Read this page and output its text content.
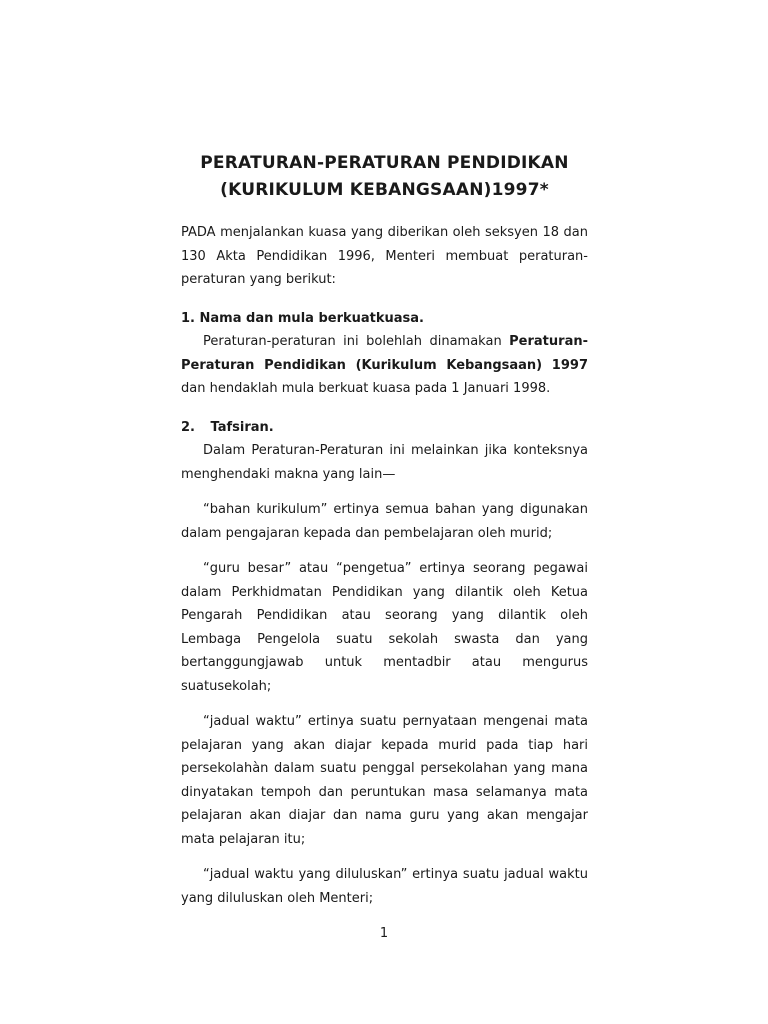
PERATURAN-PERATURAN PENDIDIKAN
(KURIKULUM KEBANGSAAN)1997*

PADA menjalankan kuasa yang diberikan oleh seksyen 18 dan 130 Akta Pendidikan 1996, Menteri membuat peraturan-peraturan yang berikut:

1. Nama dan mula berkuatkuasa.

Peraturan-peraturan ini bolehlah dinamakan Peraturan-Peraturan Pendidikan (Kurikulum Kebangsaan) 1997 dan hendaklah mula berkuat kuasa pada 1 Januari 1998.

2. Tafsiran.

Dalam Peraturan-Peraturan ini melainkan jika konteksnya menghendaki makna yang lain—

“bahan kurikulum” ertinya semua bahan yang digunakan dalam pengajaran kepada dan pembelajaran oleh murid;

“guru besar” atau “pengetua” ertinya seorang pegawai dalam Perkhidmatan Pendidikan yang dilantik oleh Ketua Pengarah Pendidikan atau seorang yang dilantik oleh Lembaga Pengelola suatu sekolah swasta dan yang bertanggungjawab untuk mentadbir atau mengurus suatusekolah;

“jadual waktu” ertinya suatu pernyataan mengenai mata pelajaran yang akan diajar kepada murid pada tiap hari persekolahàn dalam suatu penggal persekolahan yang mana dinyatakan tempoh dan peruntukan masa selamanya mata pelajaran akan diajar dan nama guru yang akan mengajar mata pelajaran itu;

“jadual waktu yang diluluskan” ertinya suatu jadual waktu yang diluluskan oleh Menteri;

1
